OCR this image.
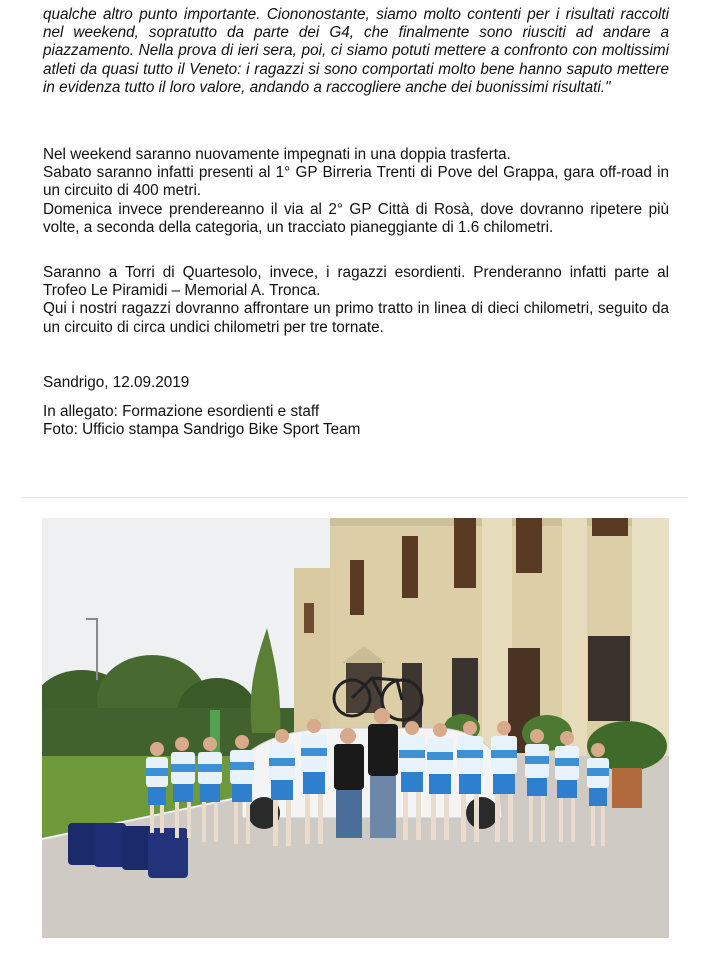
qualche altro punto importante. Ciononostante, siamo molto contenti per i risultati raccolti nel weekend, sopratutto da parte dei G4, che finalmente sono riusciti ad andare a piazzamento. Nella prova di ieri sera, poi, ci siamo potuti mettere a confronto con moltissimi atleti da quasi tutto il Veneto: i ragazzi si sono comportati molto bene hanno saputo mettere in evidenza tutto il loro valore, andando a raccogliere anche dei buonissimi risultati."

Nel weekend saranno nuovamente impegnati in una doppia trasferta.

Sabato saranno infatti presenti al 1° GP Birreria Trenti di Pove del Grappa, gara off-road in un circuito di 400 metri.

Domenica invece prendereanno il via al 2° GP Città di Rosà, dove dovranno ripetere più volte, a seconda della categoria, un tracciato pianeggiante di 1.6 chilometri.

Saranno a Torri di Quartesolo, invece, i ragazzi esordienti. Prenderanno infatti parte al Trofeo Le Piramidi – Memorial A. Tronca.

Qui i nostri ragazzi dovranno affrontare un primo tratto in linea di dieci chilometri, seguito da un circuito di circa undici chilometri per tre tornate.

Sandrigo, 12.09.2019

In allegato: Formazione esordienti e staff

Foto: Ufficio stampa Sandrigo Bike Sport Team
